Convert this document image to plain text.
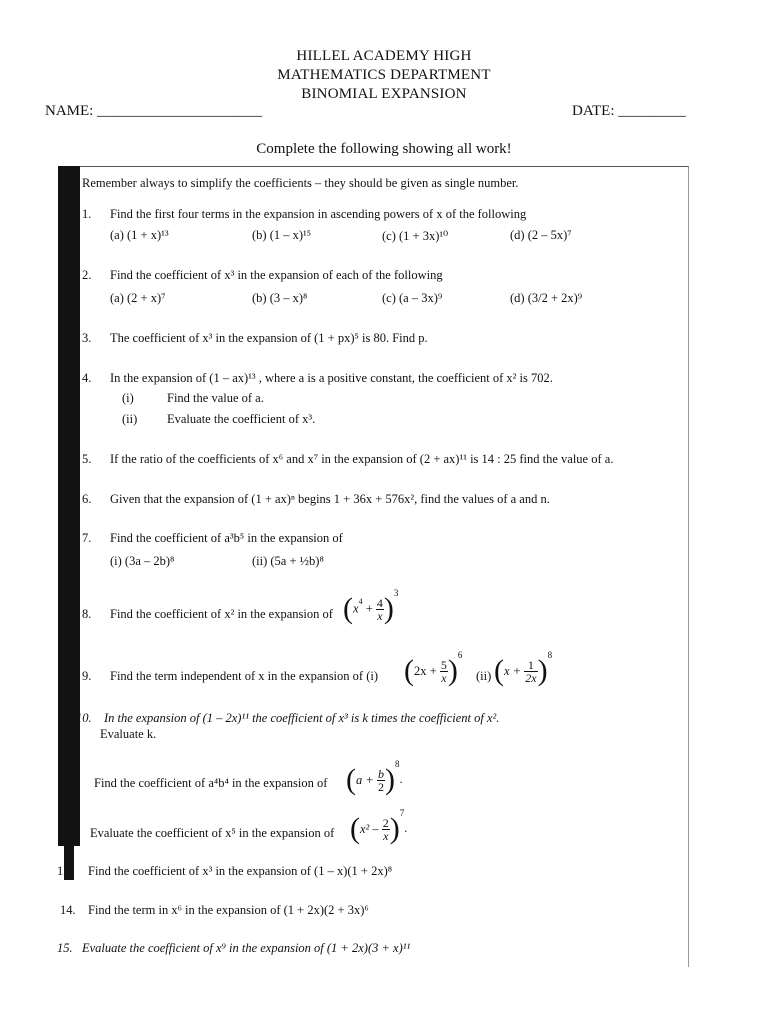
HILLEL ACADEMY HIGH
MATHEMATICS DEPARTMENT
BINOMIAL EXPANSION
NAME: ______________________	DATE: _________
Complete the following showing all work!
Remember always to simplify the coefficients – they should be given as single number.
1. Find the first four terms in the expansion in ascending powers of x of the following
(a) (1 + x)¹³	(b) (1 – x)¹⁵	(c) (1 + 3x)¹⁰	(d) (2 – 5x)⁷
2. Find the coefficient of x³ in the expansion of each of the following
(a) (2 + x)⁷	(b) (3 – x)⁸	(c) (a – 3x)⁹	(d) (3/2 + 2x)⁹
3. The coefficient of x³ in the expansion of (1 + px)⁵ is 80. Find p.
4. In the expansion of (1 – ax)¹³ , where a is a positive constant, the coefficient of x² is 702.
(i)	Find the value of a.
(ii) Evaluate the coefficient of x³.
5. If the ratio of the coefficients of x⁶ and x⁷ in the expansion of (2 + ax)¹¹ is 14 : 25 find the value of a.
6. Given that the expansion of (1 + ax)ⁿ begins 1 + 36x + 576x², find the values of a and n.
7. Find the coefficient of a³b⁵ in the expansion of
(i) (3a – 2b)⁸	(ii) (5a + ½b)⁸
8. Find the coefficient of x² in the expansion of $(x^4 + \frac{4}{x} )^3$
9. Find the term independent of x in the expansion of (i) $(2x + \frac{5}{x} )^6$
(ii) $(x + \frac{1}{2x} )^8$
10. In the expansion of (1 – 2x)¹¹ the coefficient of x³ is k times the coefficient of x².
Evaluate k.
Find the coefficient of a⁴b⁴ in the expansion of $(a + \frac{b}{2} )^8$.
Evaluate the coefficient of x⁵ in the expansion of $(x^2 - \frac{2}{x} )^7$.
13. Find the coefficient of x³ in the expansion of (1 – x)(1 + 2x)⁸
14. Find the term in x⁶ in the expansion of (1 + 2x)(2 + 3x)⁶
15. Evaluate the coefficient of x⁹ in the expansion of (1 + 2x)(3 + x)¹¹
